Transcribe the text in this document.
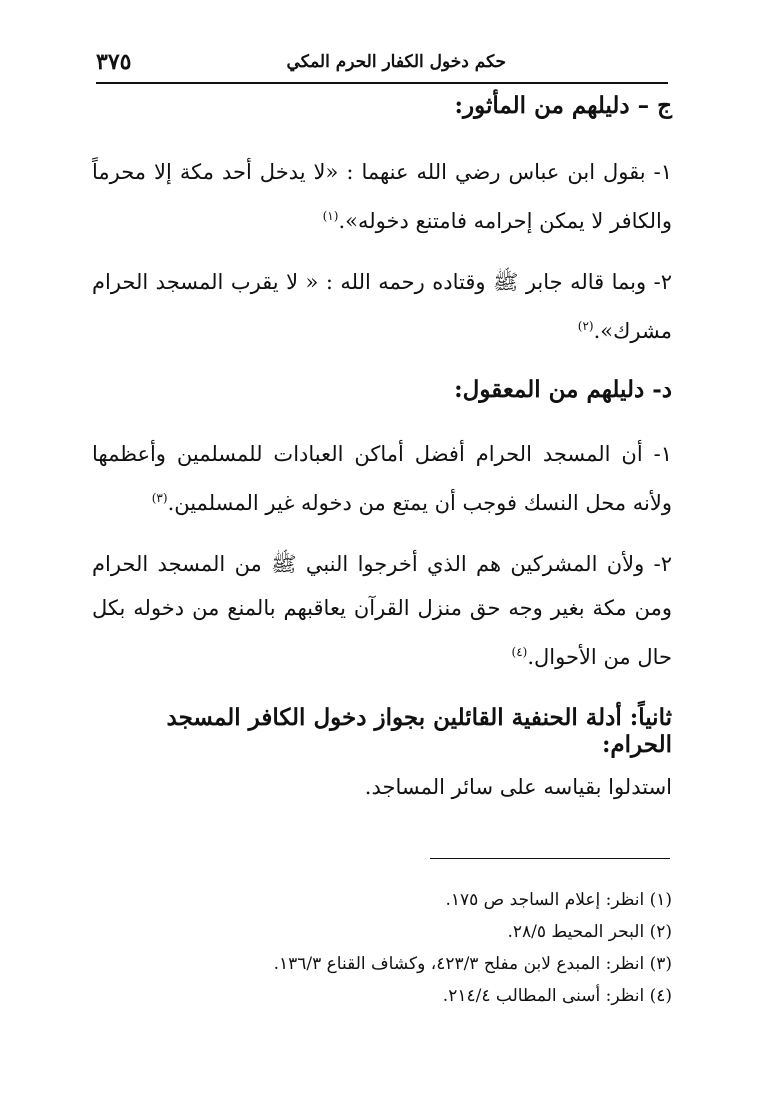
حكم دخول الكفار الحرم المكي
٣٧٥
ج – دليلهم من المأثور:
١- بقول ابن عباس رضي الله عنهما : «لا يدخل أحد مكة إلا محرماً والكافر لا يمكن إحرامه فامتنع دخوله».$^{(١)}$
٢- وبما قاله جابر ﷺ وقتاده رحمه الله : « لا يقرب المسجد الحرام مشرك».$^{(٢)}$
د- دليلهم من المعقول:
١- أن المسجد الحرام أفضل أماكن العبادات للمسلمين وأعظمها ولأنه محل النسك فوجب أن يمتع من دخوله غير المسلمين.$^{(٣)}$
٢- ولأن المشركين هم الذي أخرجوا النبي ﷺ من المسجد الحرام ومن مكة بغير وجه حق منزل القرآن يعاقبهم بالمنع من دخوله بكل حال من الأحوال.$^{(٤)}$
ثانياً: أدلة الحنفية القائلين بجواز دخول الكافر المسجد الحرام:
استدلوا بقياسه على سائر المساجد.
(١) انظر: إعلام الساجد ص ١٧٥.
(٢) البحر المحيط ٢٨/٥.
(٣) انظر: المبدع لابن مفلح ٤٢٣/٣، وكشاف القناع ١٣٦/٣.
(٤) انظر: أسنى المطالب ٢١٤/٤.
